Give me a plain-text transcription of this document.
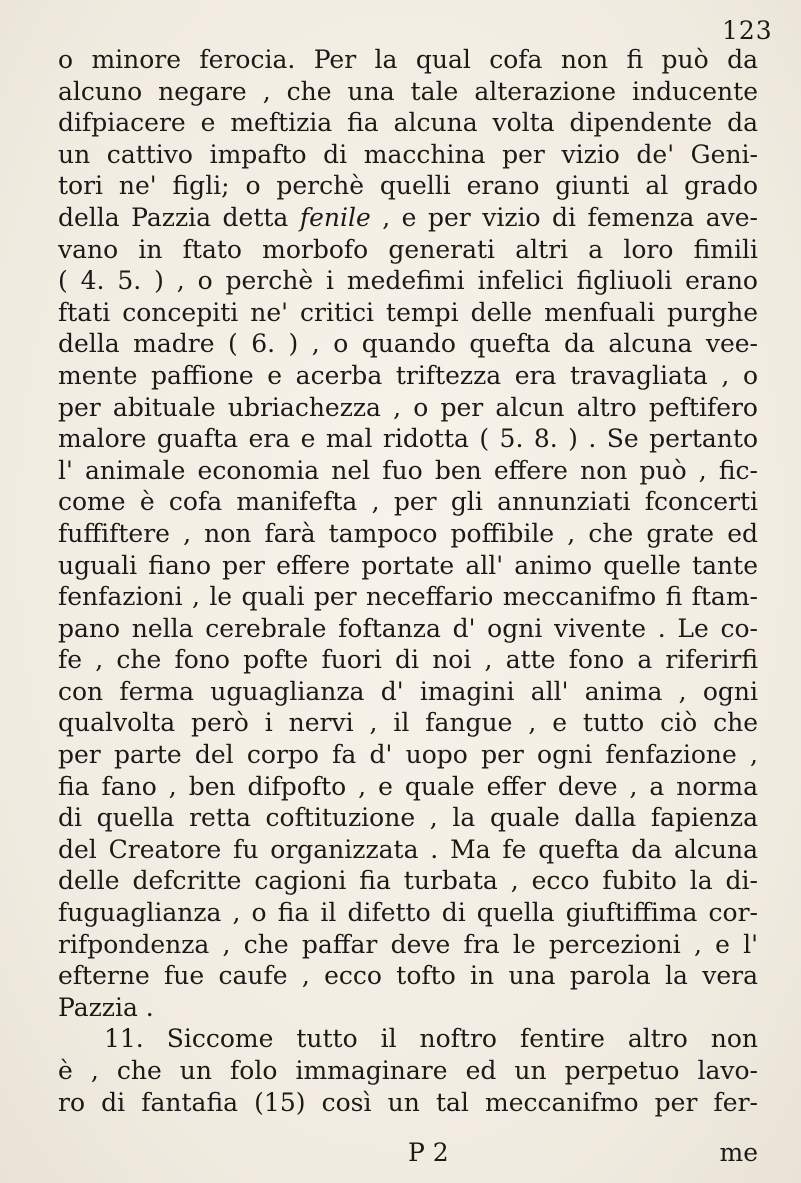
123
o minore ferocia. Per la qual cofa non fi può da
alcuno negare , che una tale alterazione inducente
difpiacere e meftizia fia alcuna volta dipendente da
un cattivo impafto di macchina per vizio de' Geni-
tori ne' figli; o perchè quelli erano giunti al grado
della Pazzia detta fenile , e per vizio di femenza ave-
vano in ftato morbofo generati altri a loro fimili
( 4. 5. ) , o perchè i medefimi infelici figliuoli erano
ftati concepiti ne' critici tempi delle menfuali purghe
della madre ( 6. ) , o quando quefta da alcuna vee-
mente paffione e acerba triftezza era travagliata , o
per abituale ubriachezza , o per alcun altro peftifero
malore guafta era e mal ridotta ( 5. 8. ) . Se pertanto
l' animale economia nel fuo ben effere non può , fic-
come è cofa manifefta , per gli annunziati fconcerti
fuffiftere , non farà tampoco poffibile , che grate ed
uguali fiano per effere portate all' animo quelle tante
fenfazioni , le quali per neceffario meccanifmo fi ftam-
pano nella cerebrale foftanza d' ogni vivente . Le co-
fe , che fono pofte fuori di noi , atte fono a riferirfi
con ferma uguaglianza d' imagini all' anima , ogni
qualvolta però i nervi , il fangue , e tutto ciò che
per parte del corpo fa d' uopo per ogni fenfazione ,
fia fano , ben difpofto , e quale effer deve , a norma
di quella retta coftituzione , la quale dalla fapienza
del Creatore fu organizzata . Ma fe quefta da alcuna
delle defcritte cagioni fia turbata , ecco fubito la di-
fuguaglianza , o fia il difetto di quella giuftiffima cor-
rifpondenza , che paffar deve fra le percezioni , e l'
efterne fue caufe , ecco tofto in una parola la vera
Pazzia .
11. Siccome tutto il noftro fentire altro non
è , che un folo immaginare ed un perpetuo lavo-
ro di fantafia (15) così un tal meccanifmo per fer-
P 2	me
